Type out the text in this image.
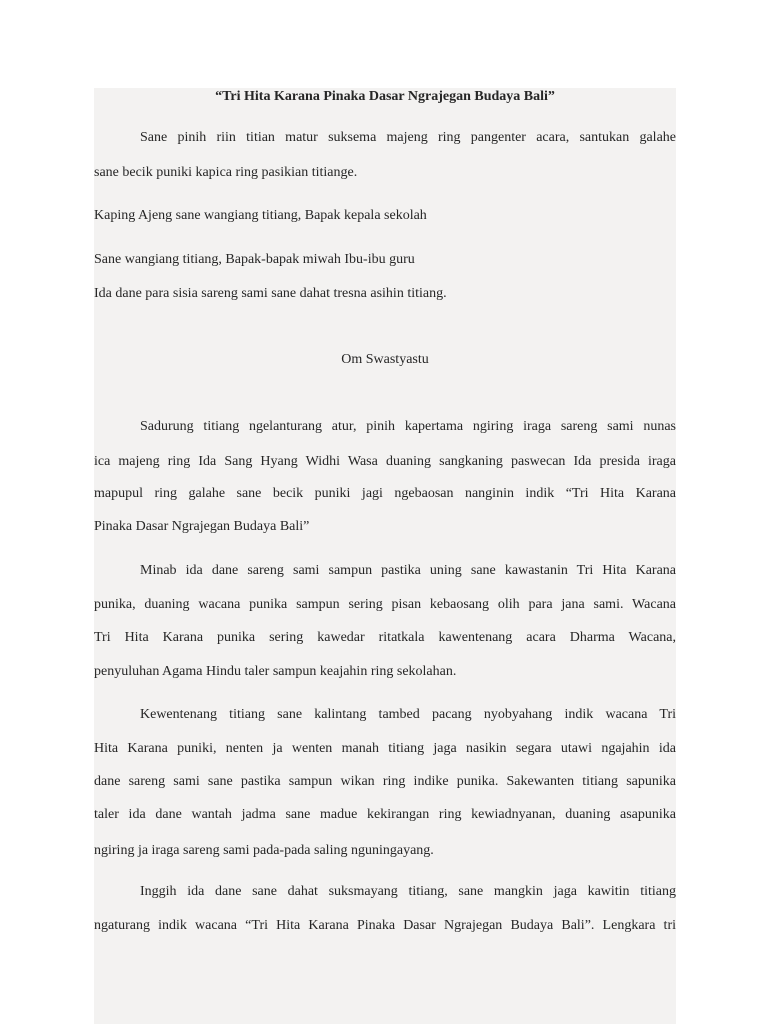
“Tri Hita Karana Pinaka Dasar Ngrajegan Budaya Bali”
Sane pinih riin titian matur suksema majeng ring pangenter acara, santukan galahe
sane becik puniki kapica ring pasikian titiange.
Kaping Ajeng sane wangiang titiang, Bapak kepala sekolah
Sane wangiang titiang, Bapak-bapak miwah Ibu-ibu guru
Ida dane para sisia sareng sami sane dahat tresna asihin titiang.
Om Swastyastu
Sadurung titiang ngelanturang atur, pinih kapertama ngiring iraga sareng sami nunas
ica majeng ring Ida Sang Hyang Widhi Wasa duaning sangkaning paswecan Ida presida iraga
mapupul ring galahe sane becik puniki jagi ngebaosan nanginin indik “Tri Hita Karana
Pinaka Dasar Ngrajegan Budaya Bali”
Minab ida dane sareng sami sampun pastika uning sane kawastanin Tri Hita Karana
punika, duaning wacana punika sampun sering pisan kebaosang olih para jana sami. Wacana
Tri Hita Karana punika sering kawedar ritatkala kawentenang acara Dharma Wacana,
penyuluhan Agama Hindu taler sampun keajahin ring sekolahan.
Kewentenang titiang sane kalintang tambed pacang nyobyahang indik wacana Tri
Hita Karana puniki, nenten ja wenten manah titiang jaga nasikin segara utawi ngajahin ida
dane sareng sami sane pastika sampun wikan ring indike punika. Sakewanten titiang sapunika
taler ida dane wantah jadma sane madue kekirangan ring kewiadnyanan, duaning asapunika
ngiring ja iraga sareng sami pada-pada saling nguningayang.
Inggih ida dane sane dahat suksmayang titiang, sane mangkin jaga kawitin titiang
ngaturang indik wacana “Tri Hita Karana Pinaka Dasar Ngrajegan Budaya Bali”. Lengkara tri
